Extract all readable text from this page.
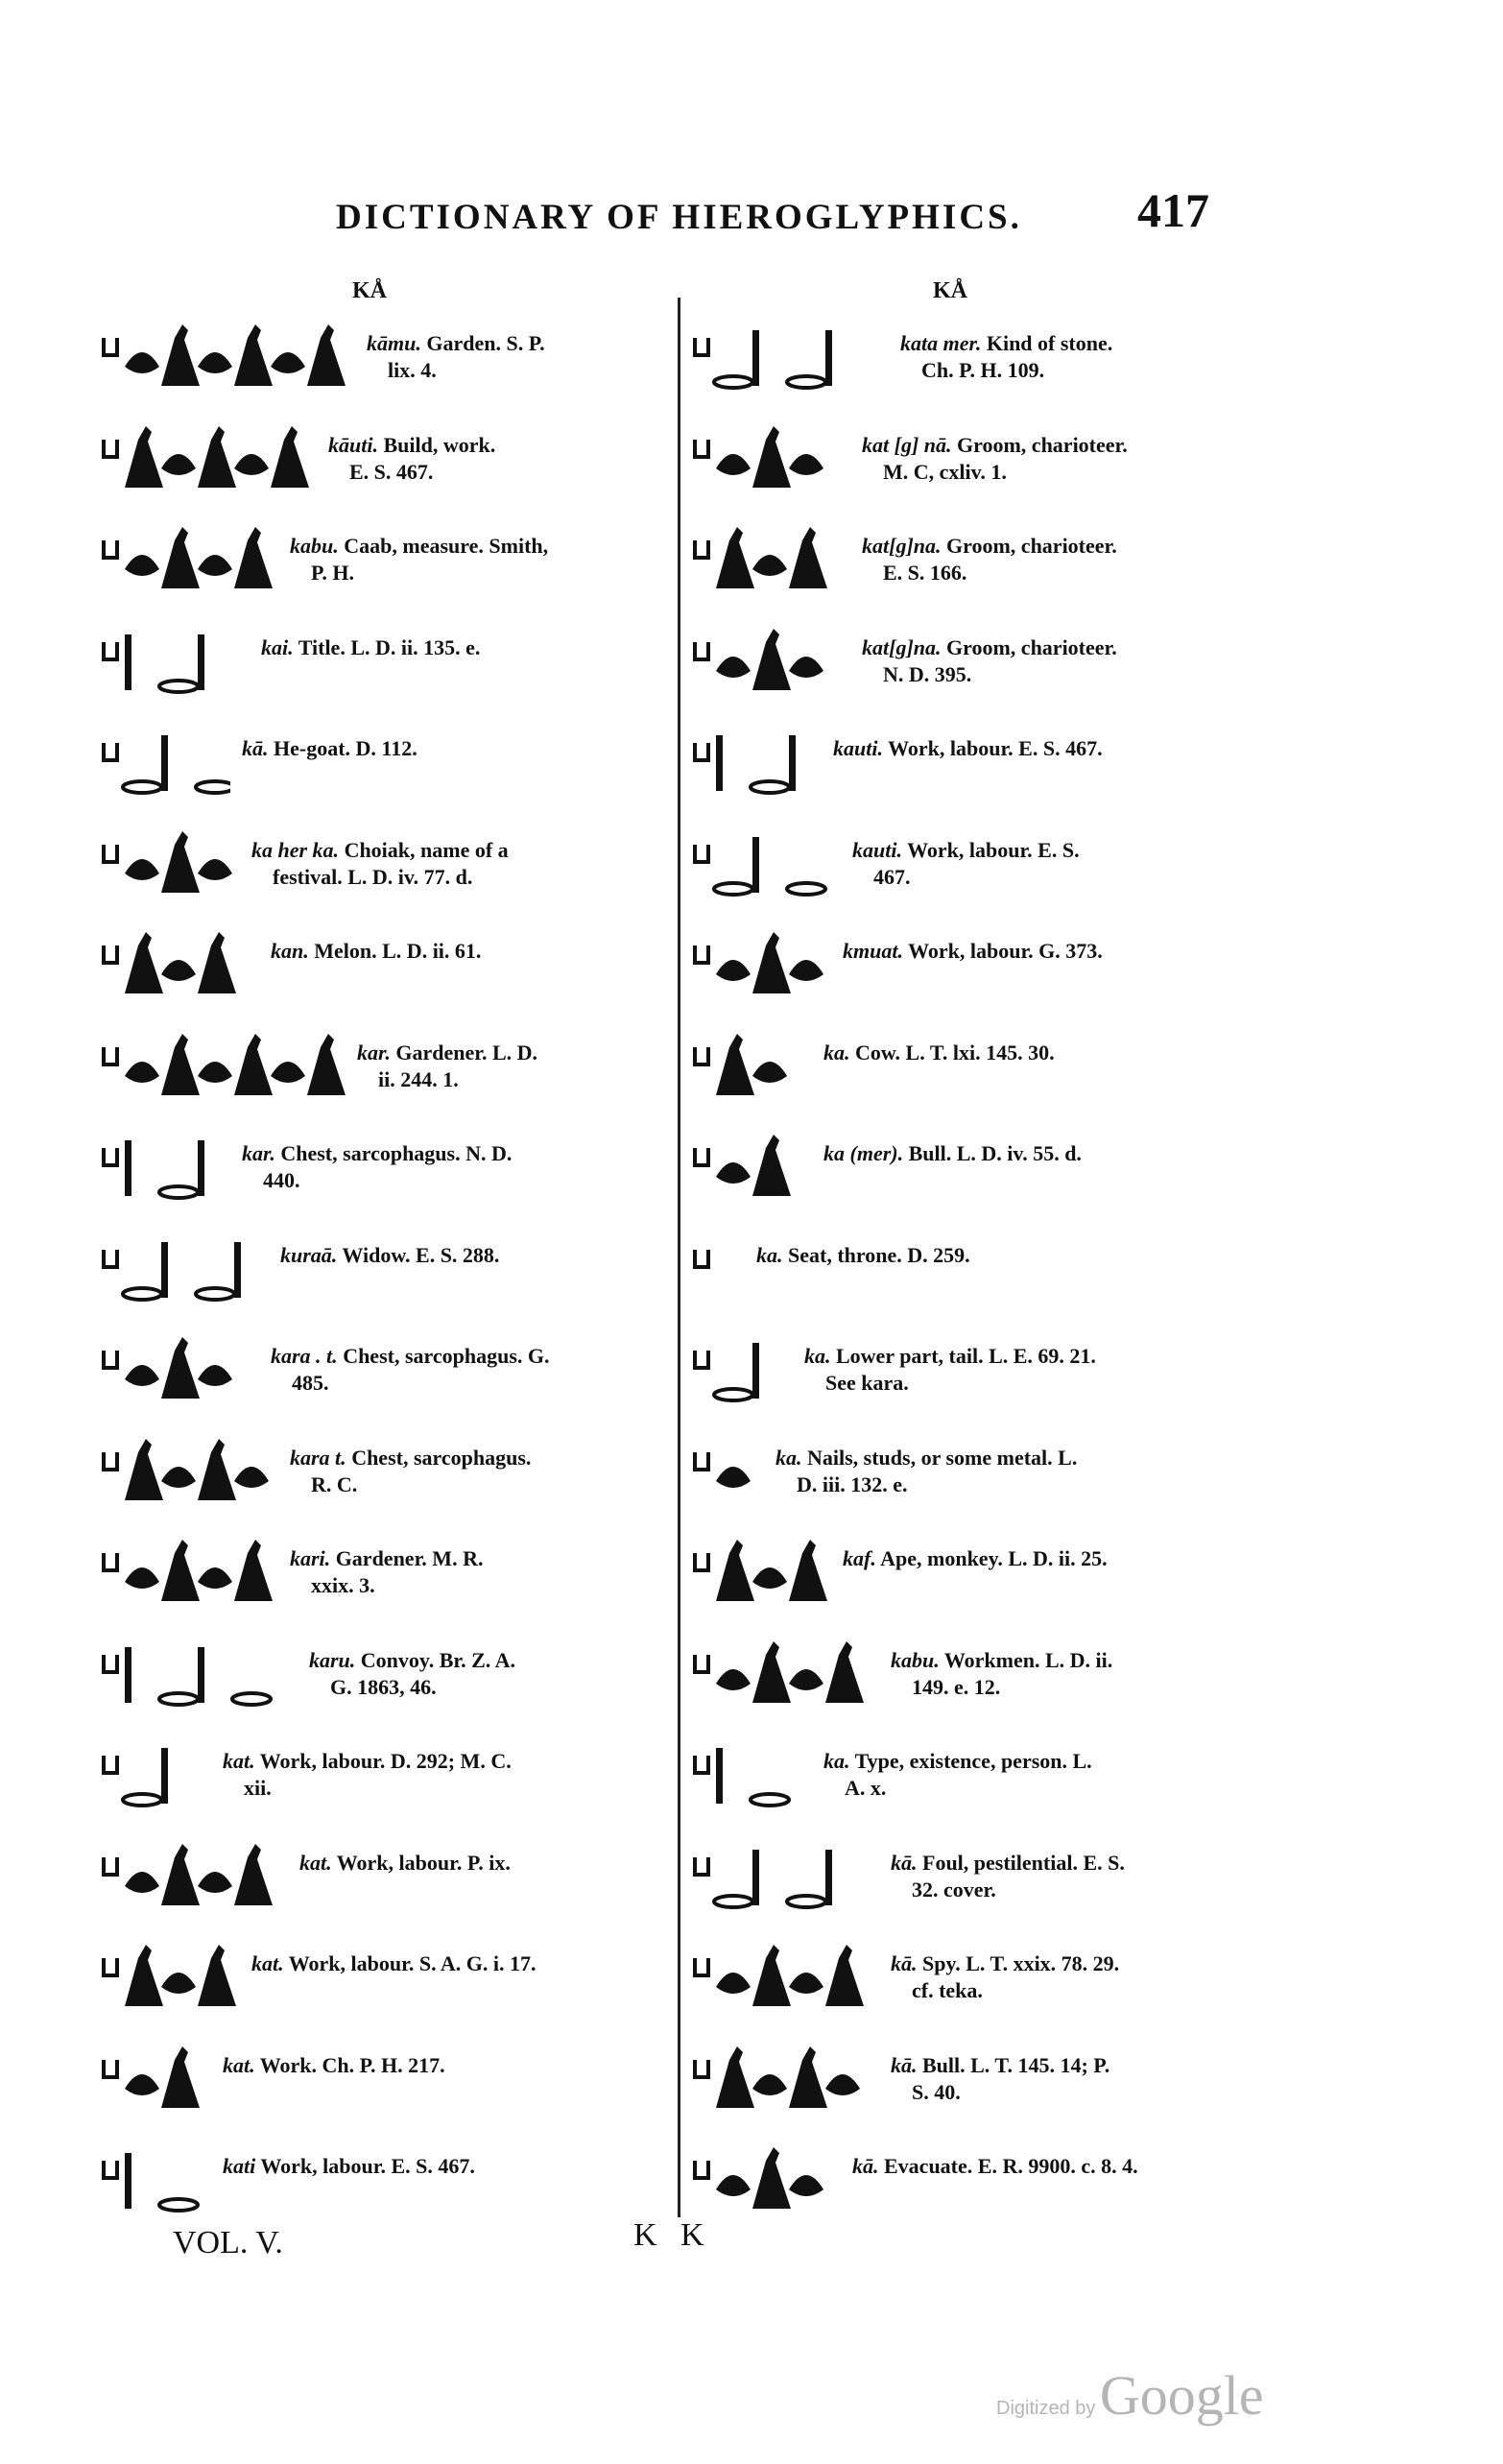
DICTIONARY OF HIEROGLYPHICS. 417
KÅ	KÅ
kāmu. Garden. S. P.
lix. 4.
kāuti. Build, work.
E. S. 467.
kabu. Caab, measure. Smith,
P. H.
kai. Title. L. D. ii. 135. e.
kā. He-goat. D. 112.
ka her ka. Choiak, name of a
festival. L. D. iv. 77. d.
kan. Melon. L. D. ii. 61.
kar. Gardener. L. D.
ii. 244. 1.
kar. Chest, sarcophagus. N. D.
440.
kuraā. Widow. E. S. 288.
kara . t. Chest, sarcophagus. G.
485.
kara t. Chest, sarcophagus.
R. C.
kari. Gardener. M. R.
xxix. 3.
karu. Convoy. Br. Z. A.
G. 1863, 46.
kat. Work, labour. D. 292; M. C.
xii.
kat. Work, labour. P. ix.
kat. Work, labour. S. A. G. i. 17.
kat. Work. Ch. P. H. 217.
kati Work, labour. E. S. 467.
kata mer. Kind of stone.
Ch. P. H. 109.
kat [g] nā. Groom, charioteer.
M. C, cxliv. 1.
kat[g]na. Groom, charioteer.
E. S. 166.
kat[g]na. Groom, charioteer.
N. D. 395.
kauti. Work, labour. E. S. 467.
kauti. Work, labour. E. S.
467.
kmuat. Work, labour. G. 373.
ka. Cow. L. T. lxi. 145. 30.
ka (mer). Bull. L. D. iv. 55. d.
ka. Seat, throne. D. 259.
ka. Lower part, tail. L. E. 69. 21.
See kara.
ka. Nails, studs, or some metal. L.
D. iii. 132. e.
kaf. Ape, monkey. L. D. ii. 25.
kabu. Workmen. L. D. ii.
149. e. 12.
ka. Type, existence, person. L.
A. x.
kā. Foul, pestilential. E. S.
32. cover.
kā. Spy. L. T. xxix. 78. 29.
cf. teka.
kā. Bull. L. T. 145. 14; P.
S. 40.
kā. Evacuate. E. R. 9900. c. 8. 4.
VOL. V.	K K
Digitized by Google
